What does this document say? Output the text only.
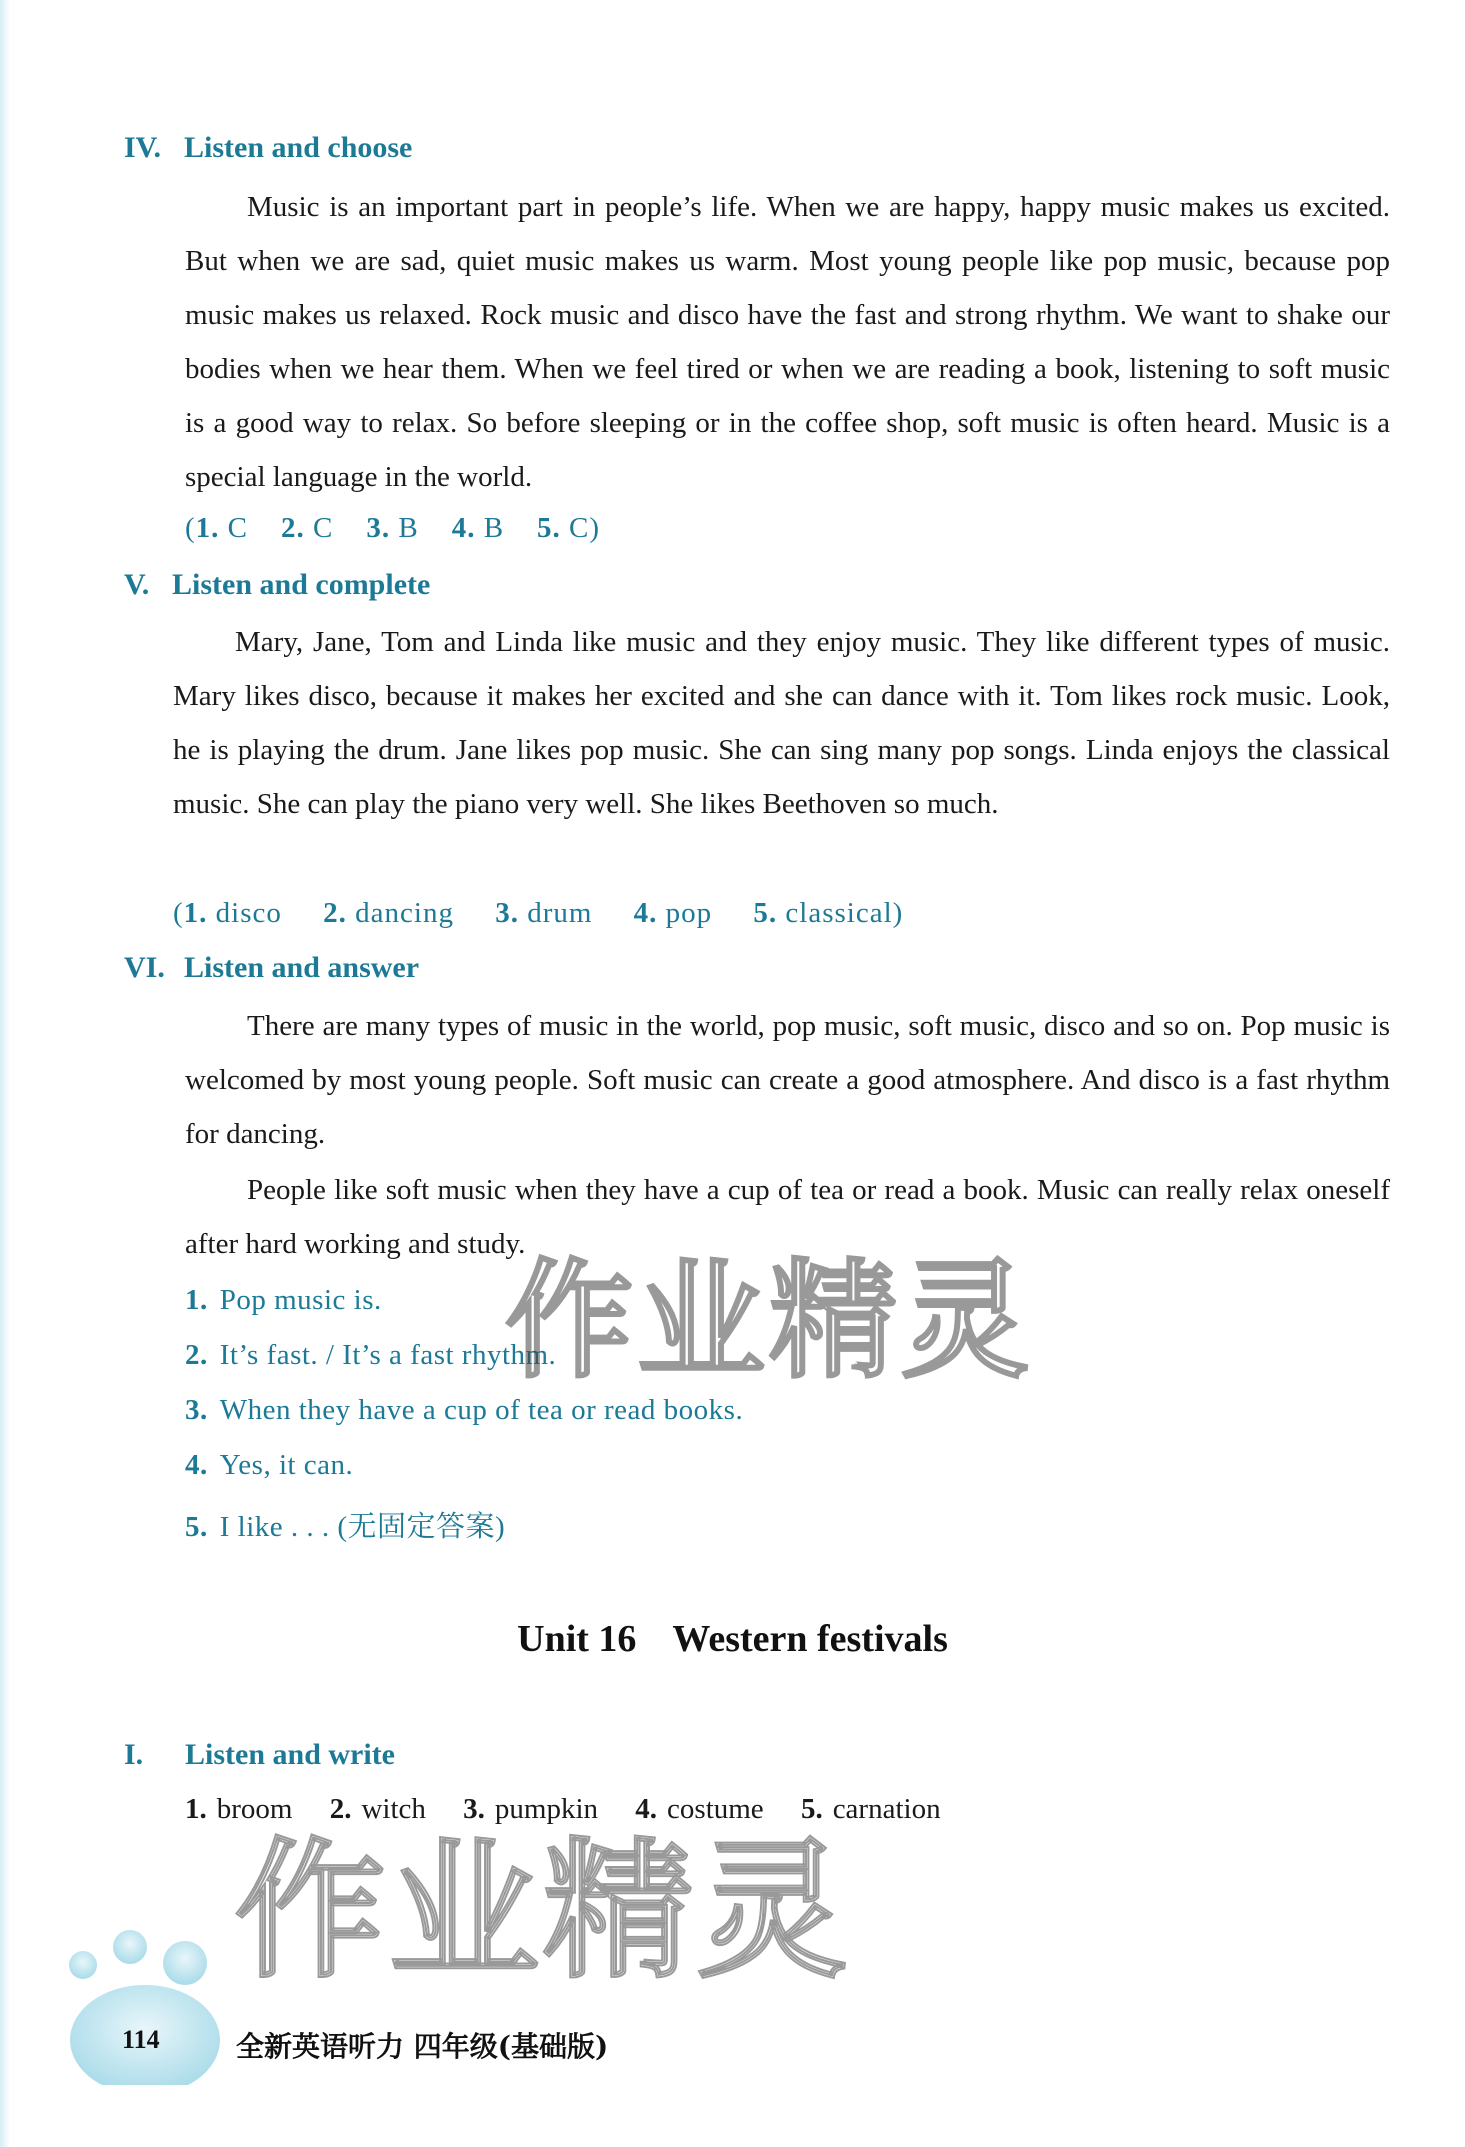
IV. Listen and choose

Music is an important part in people’s life. When we are happy, happy music makes us excited. But when we are sad, quiet music makes us warm. Most young people like pop music, because pop music makes us relaxed. Rock music and disco have the fast and strong rhythm. We want to shake our bodies when we hear them. When we feel tired or when we are reading a book, listening to soft music is a good way to relax. So before sleeping or in the coffee shop, soft music is often heard. Music is a special language in the world.

(1. C 2. C 3. B 4. B 5. C)
V. Listen and complete

Mary, Jane, Tom and Linda like music and they enjoy music. They like different types of music. Mary likes disco, because it makes her excited and she can dance with it. Tom likes rock music. Look, he is playing the drum. Jane likes pop music. She can sing many pop songs. Linda enjoys the classical music. She can play the piano very well. She likes Beethoven so much.

(1. disco 2. dancing 3. drum 4. pop 5. classical)
VI. Listen and answer

There are many types of music in the world, pop music, soft music, disco and so on. Pop music is welcomed by most young people. Soft music can create a good atmosphere. And disco is a fast rhythm for dancing.

People like soft music when they have a cup of tea or read a book. Music can really relax oneself after hard working and study.

1. Pop music is.
2. It’s fast. / It’s a fast rhythm.
3. When they have a cup of tea or read books.
4. Yes, it can.
5. I like . . . (无固定答案)
作业精灵
Unit 16 Western festivals
I. Listen and write
1. broom 2. witch 3. pumpkin 4. costume 5. carnation
作业精灵
114	全新英语听力 四年级(基础版)
